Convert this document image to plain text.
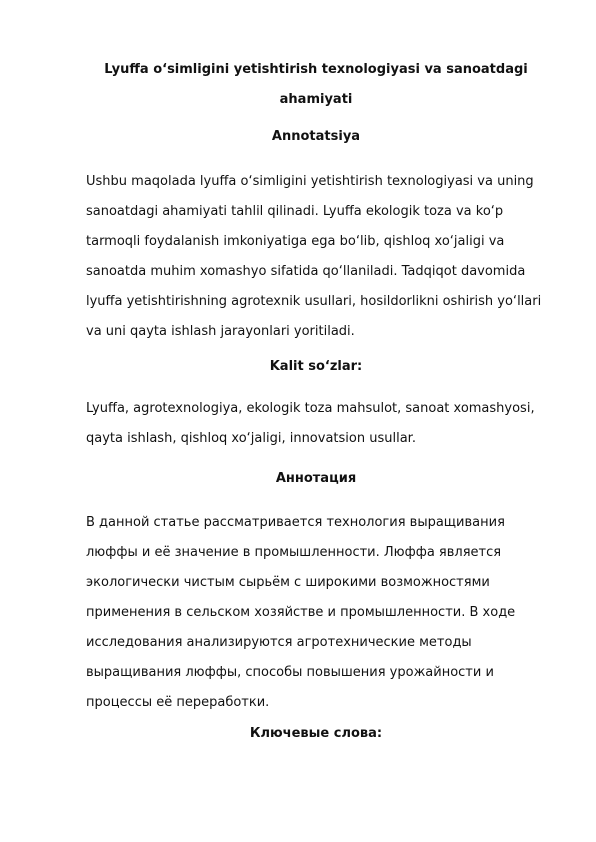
Lyuffa o‘simligini yetishtirish texnologiyasi va sanoatdagi
ahamiyati
Annotatsiya
Ushbu maqolada lyuffa o‘simligini yetishtirish texnologiyasi va uning
sanoatdagi ahamiyati tahlil qilinadi. Lyuffa ekologik toza va ko‘p
tarmoqli foydalanish imkoniyatiga ega bo‘lib, qishloq xo‘jaligi va
sanoatda muhim xomashyo sifatida qo‘llaniladi. Tadqiqot davomida
lyuffa yetishtirishning agrotexnik usullari, hosildorlikni oshirish yo‘llari
va uni qayta ishlash jarayonlari yoritiladi.
Kalit so‘zlar:
Lyuffa, agrotexnologiya, ekologik toza mahsulot, sanoat xomashyosi,
qayta ishlash, qishloq xo‘jaligi, innovatsion usullar.
Аннотация
В данной статье рассматривается технология выращивания
люффы и её значение в промышленности. Люффа является
экологически чистым сырьём с широкими возможностями
применения в сельском хозяйстве и промышленности. В ходе
исследования анализируются агротехнические методы
выращивания люффы, способы повышения урожайности и
процессы её переработки.
Ключевые слова:
